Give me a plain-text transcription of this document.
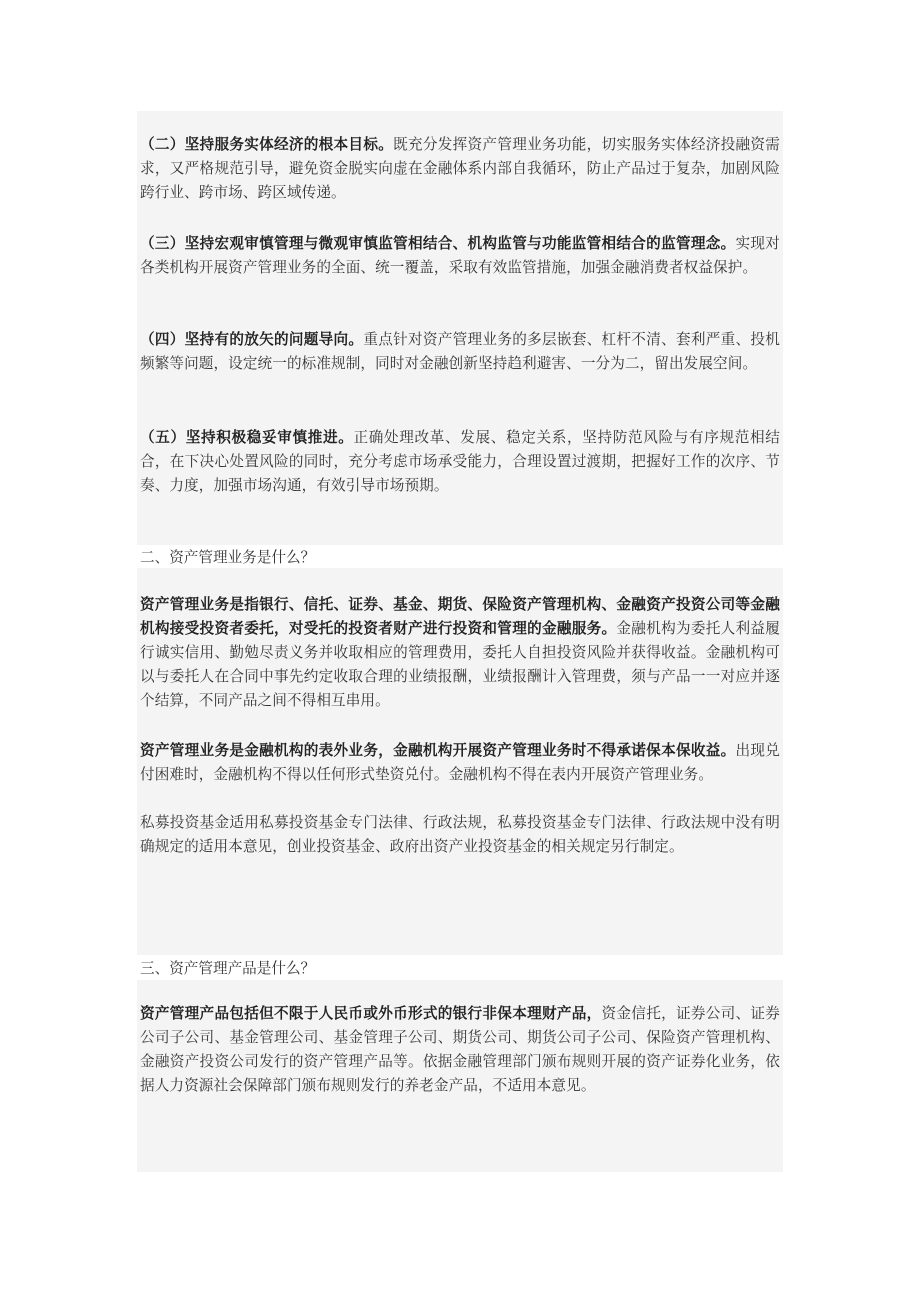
（二）坚持服务实体经济的根本目标。既充分发挥资产管理业务功能，切实服务实体经济投融资需求，又严格规范引导，避免资金脱实向虚在金融体系内部自我循环，防止产品过于复杂，加剧风险跨行业、跨市场、跨区域传递。

（三）坚持宏观审慎管理与微观审慎监管相结合、机构监管与功能监管相结合的监管理念。实现对各类机构开展资产管理业务的全面、统一覆盖，采取有效监管措施，加强金融消费者权益保护。

（四）坚持有的放矢的问题导向。重点针对资产管理业务的多层嵌套、杠杆不清、套利严重、投机频繁等问题，设定统一的标准规制，同时对金融创新坚持趋利避害、一分为二，留出发展空间。

（五）坚持积极稳妥审慎推进。正确处理改革、发展、稳定关系，坚持防范风险与有序规范相结合，在下决心处置风险的同时，充分考虑市场承受能力，合理设置过渡期，把握好工作的次序、节奏、力度，加强市场沟通，有效引导市场预期。

二、资产管理业务是什么？

资产管理业务是指银行、信托、证券、基金、期货、保险资产管理机构、金融资产投资公司等金融机构接受投资者委托，对受托的投资者财产进行投资和管理的金融服务。金融机构为委托人利益履行诚实信用、勤勉尽责义务并收取相应的管理费用，委托人自担投资风险并获得收益。金融机构可以与委托人在合同中事先约定收取合理的业绩报酬，业绩报酬计入管理费，须与产品一一对应并逐个结算，不同产品之间不得相互串用。

资产管理业务是金融机构的表外业务，金融机构开展资产管理业务时不得承诺保本保收益。出现兑付困难时，金融机构不得以任何形式垫资兑付。金融机构不得在表内开展资产管理业务。

私募投资基金适用私募投资基金专门法律、行政法规，私募投资基金专门法律、行政法规中没有明确规定的适用本意见，创业投资基金、政府出资产业投资基金的相关规定另行制定。

三、资产管理产品是什么？

资产管理产品包括但不限于人民币或外币形式的银行非保本理财产品，资金信托，证券公司、证券公司子公司、基金管理公司、基金管理子公司、期货公司、期货公司子公司、保险资产管理机构、金融资产投资公司发行的资产管理产品等。依据金融管理部门颁布规则开展的资产证券化业务，依据人力资源社会保障部门颁布规则发行的养老金产品，不适用本意见。
